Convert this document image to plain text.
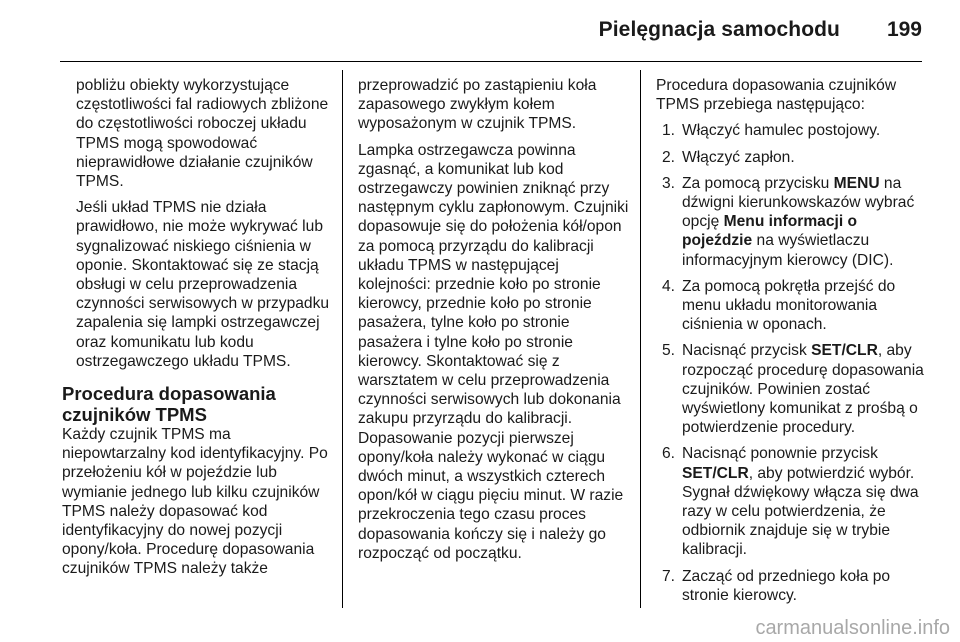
Pielęgnacja samochodu 199

pobliżu obiekty wykorzystujące częstotliwości fal radiowych zbliżone do częstotliwości roboczej układu TPMS mogą spowodować nieprawidłowe działanie czujników TPMS.

Jeśli układ TPMS nie działa prawidłowo, nie może wykrywać lub sygnalizować niskiego ciśnienia w oponie. Skontaktować się ze stacją obsługi w celu przeprowadzenia czynności serwisowych w przypadku zapalenia się lampki ostrzegawczej oraz komunikatu lub kodu ostrzegawczego układu TPMS.

Procedura dopasowania czujników TPMS

Każdy czujnik TPMS ma niepowtarzalny kod identyfikacyjny. Po przełożeniu kół w pojeździe lub wymianie jednego lub kilku czujników TPMS należy dopasować kod identyfikacyjny do nowej pozycji opony/koła. Procedurę dopasowania czujników TPMS należy także

przeprowadzić po zastąpieniu koła zapasowego zwykłym kołem wyposażonym w czujnik TPMS.

Lampka ostrzegawcza powinna zgasnąć, a komunikat lub kod ostrzegawczy powinien zniknąć przy następnym cyklu zapłonowym. Czujniki dopasowuje się do położenia kół/opon za pomocą przyrządu do kalibracji układu TPMS w następującej kolejności: przednie koło po stronie kierowcy, przednie koło po stronie pasażera, tylne koło po stronie pasażera i tylne koło po stronie kierowcy. Skontaktować się z warsztatem w celu przeprowadzenia czynności serwisowych lub dokonania zakupu przyrządu do kalibracji. Dopasowanie pozycji pierwszej opony/koła należy wykonać w ciągu dwóch minut, a wszystkich czterech opon/kół w ciągu pięciu minut. W razie przekroczenia tego czasu proces dopasowania kończy się i należy go rozpocząć od początku.

Procedura dopasowania czujników TPMS przebiega następująco:

1. Włączyć hamulec postojowy.
2. Włączyć zapłon.
3. Za pomocą przycisku MENU na dźwigni kierunkowskazów wybrać opcję Menu informacji o pojeździe na wyświetlaczu informacyjnym kierowcy (DIC).
4. Za pomocą pokrętła przejść do menu układu monitorowania ciśnienia w oponach.
5. Nacisnąć przycisk SET/CLR, aby rozpocząć procedurę dopasowania czujników. Powinien zostać wyświetlony komunikat z prośbą o potwierdzenie procedury.
6. Nacisnąć ponownie przycisk SET/CLR, aby potwierdzić wybór. Sygnał dźwiękowy włącza się dwa razy w celu potwierdzenia, że odbiornik znajduje się w trybie kalibracji.
7. Zacząć od przedniego koła po stronie kierowcy.
carmanualsonline.info
